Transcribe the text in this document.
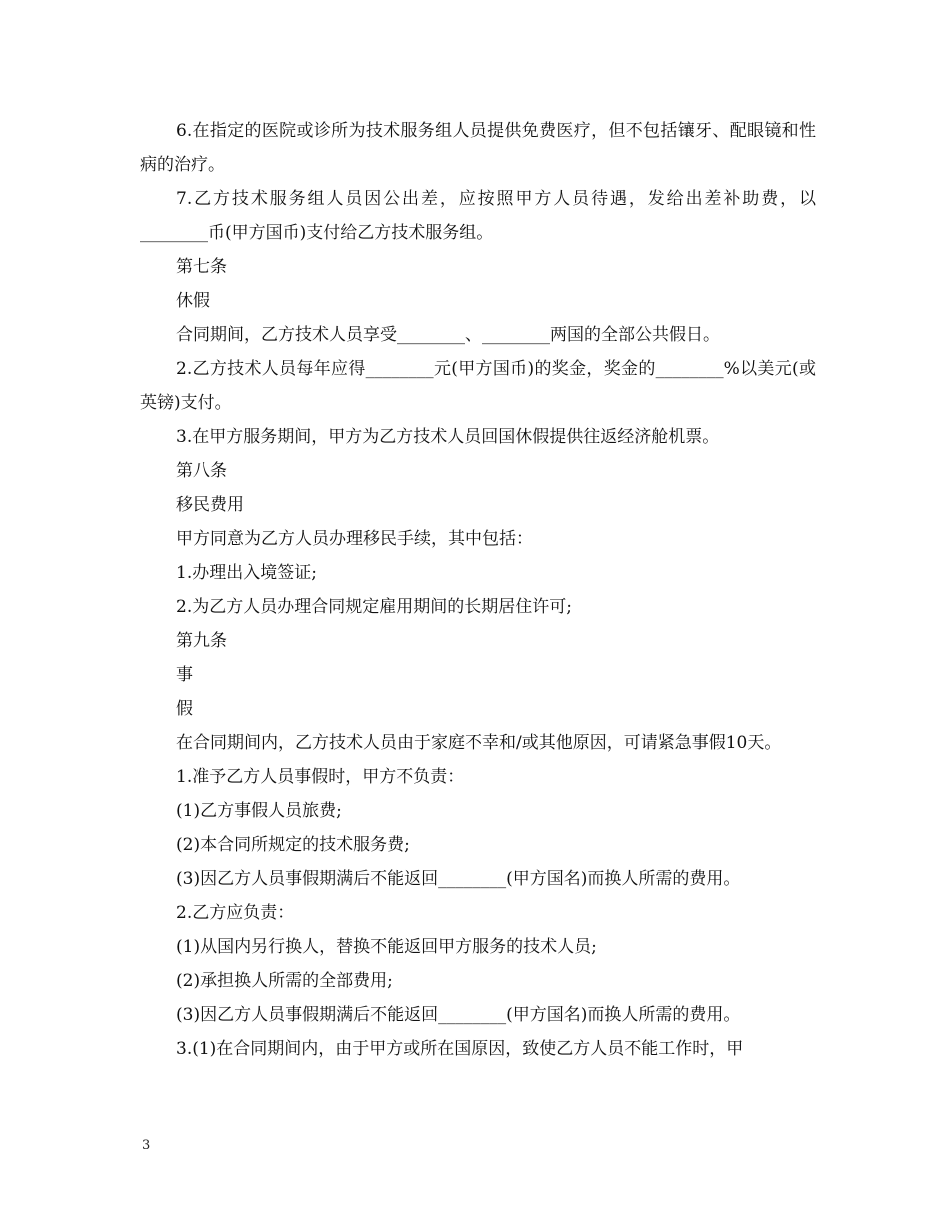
6.在指定的医院或诊所为技术服务组人员提供免费医疗，但不包括镶牙、配眼镜和性病的治疗。

7.乙方技术服务组人员因公出差，应按照甲方人员待遇，发给出差补助费，以________币(甲方国币)支付给乙方技术服务组。

第七条

休假

合同期间，乙方技术人员享受________、________两国的全部公共假日。

2.乙方技术人员每年应得________元(甲方国币)的奖金，奖金的________%以美元(或英镑)支付。

3.在甲方服务期间，甲方为乙方技术人员回国休假提供往返经济舱机票。

第八条

移民费用

甲方同意为乙方人员办理移民手续，其中包括：

1.办理出入境签证;

2.为乙方人员办理合同规定雇用期间的长期居住许可;

第九条

事

假

在合同期间内，乙方技术人员由于家庭不幸和/或其他原因，可请紧急事假10天。

1.准予乙方人员事假时，甲方不负责：

(1)乙方事假人员旅费;

(2)本合同所规定的技术服务费;

(3)因乙方人员事假期满后不能返回________(甲方国名)而换人所需的费用。

2.乙方应负责：

(1)从国内另行换人，替换不能返回甲方服务的技术人员;

(2)承担换人所需的全部费用;

(3)因乙方人员事假期满后不能返回________(甲方国名)而换人所需的费用。

3.(1)在合同期间内，由于甲方或所在国原因，致使乙方人员不能工作时，甲

3
